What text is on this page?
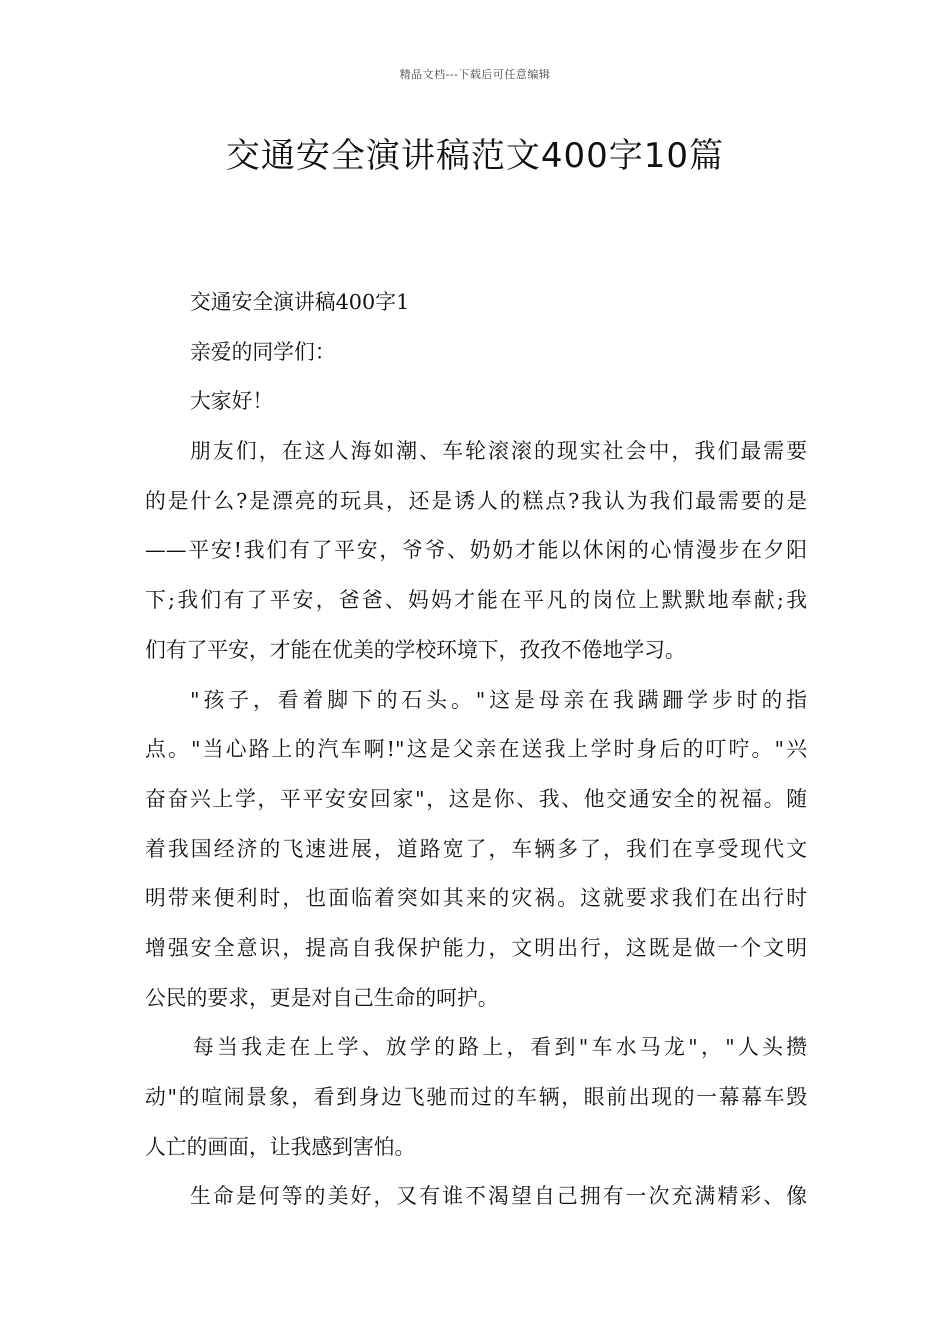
精品文档---下载后可任意编辑
交通安全演讲稿范文400字10篇
交通安全演讲稿400字1
亲爱的同学们：
大家好！
朋友们，在这人海如潮、车轮滚滚的现实社会中，我们最需要
的是什么?是漂亮的玩具，还是诱人的糕点?我认为我们最需要的是
——平安!我们有了平安，爷爷、奶奶才能以休闲的心情漫步在夕阳
下;我们有了平安，爸爸、妈妈才能在平凡的岗位上默默地奉献;我
们有了平安，才能在优美的学校环境下，孜孜不倦地学习。
"孩子，看着脚下的石头。"这是母亲在我蹒跚学步时的指
点。"当心路上的汽车啊!"这是父亲在送我上学时身后的叮咛。"兴
奋奋兴上学，平平安安回家"，这是你、我、他交通安全的祝福。随
着我国经济的飞速进展，道路宽了，车辆多了，我们在享受现代文
明带来便利时，也面临着突如其来的灾祸。这就要求我们在出行时
增强安全意识，提高自我保护能力，文明出行，这既是做一个文明
公民的要求，更是对自己生命的呵护。
每当我走在上学、放学的路上，看到"车水马龙"，"人头攒
动"的喧闹景象，看到身边飞驰而过的车辆，眼前出现的一幕幕车毁
人亡的画面，让我感到害怕。
生命是何等的美好，又有谁不渴望自己拥有一次充满精彩、像
